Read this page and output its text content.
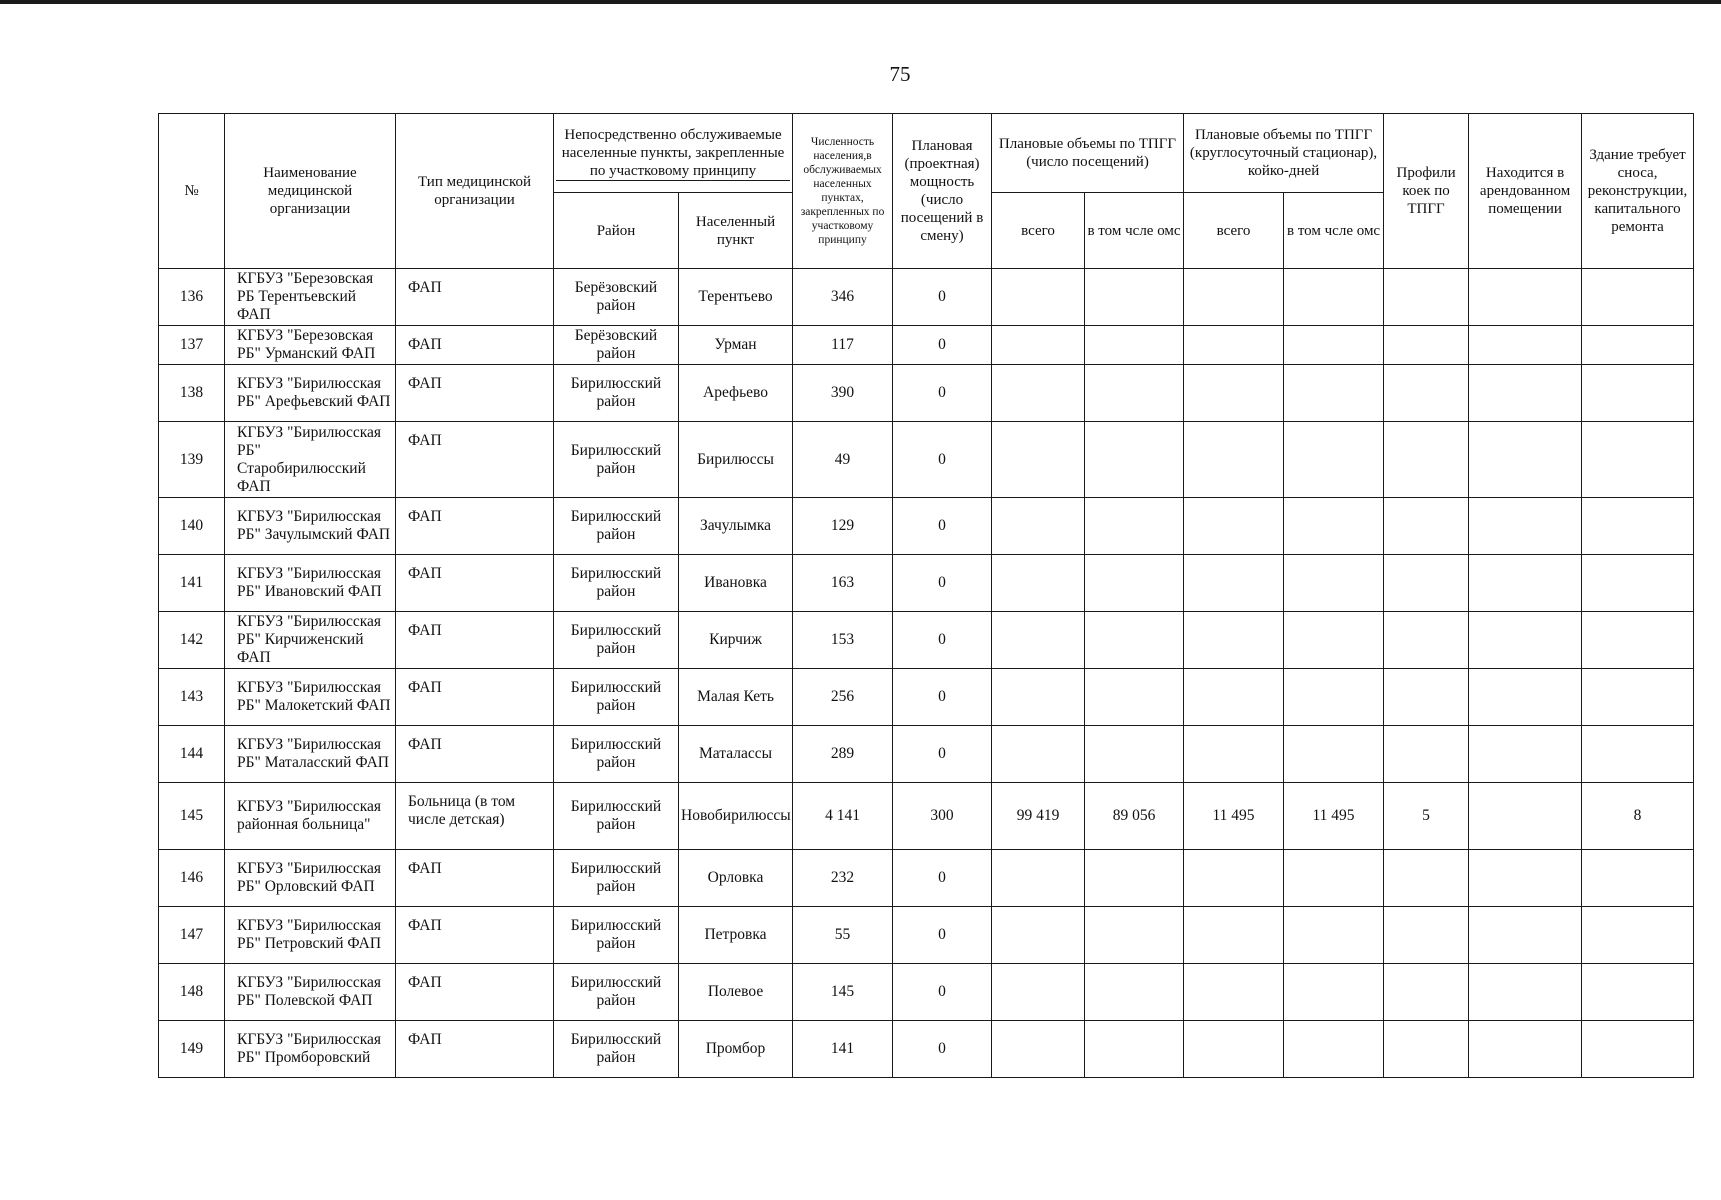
75
№	Наименование медицинской организации	Тип медицинской организации	Непосредственно обслуживаемые населенные пункты, закрепленные по участковому принципу		Численность населения,в обслуживаемых населенных пунктах, закрепленных по участковому принципу	Плановая (проектная) мощность (число посещений в смену)	Плановые объемы по ТПГГ (число посещений)		Плановые объемы по ТПГГ (круглосуточный стационар), койко-дней		Профили коек по ТПГГ	Находится в арендованном помещении	Здание требует сноса, реконструкции, капитального ремонта
			Район	Населенный пункт			всего	в том чсле омс	всего	в том чсле омс			
136	КГБУЗ "Березовская РБ Терентьевский ФАП	ФАП	Берёзовский район	Терентьево	346	0							
137	КГБУЗ "Березовская РБ" Урманский ФАП	ФАП	Берёзовский район	Урман	117	0							
138	КГБУЗ "Бирилюсская РБ" Арефьевский ФАП	ФАП	Бирилюсский район	Арефьево	390	0							
139	КГБУЗ "Бирилюсская РБ" Старобирилюсский ФАП	ФАП	Бирилюсский район	Бирилюссы	49	0							
140	КГБУЗ "Бирилюсская РБ" Зачулымский ФАП	ФАП	Бирилюсский район	Зачулымка	129	0							
141	КГБУЗ "Бирилюсская РБ" Ивановский ФАП	ФАП	Бирилюсский район	Ивановка	163	0							
142	КГБУЗ "Бирилюсская РБ" Кирчиженский ФАП	ФАП	Бирилюсский район	Кирчиж	153	0							
143	КГБУЗ "Бирилюсская РБ" Малокетский ФАП	ФАП	Бирилюсский район	Малая Кеть	256	0							
144	КГБУЗ "Бирилюсская РБ" Маталасский ФАП	ФАП	Бирилюсский район	Маталассы	289	0							
145	КГБУЗ "Бирилюсская районная больница"	Больница (в том числе детская)	Бирилюсский район	Новобирилюссы	4 141	300	99 419	89 056	11 495	11 495	5		8
146	КГБУЗ "Бирилюсская РБ" Орловский ФАП	ФАП	Бирилюсский район	Орловка	232	0							
147	КГБУЗ "Бирилюсская РБ" Петровский ФАП	ФАП	Бирилюсский район	Петровка	55	0							
148	КГБУЗ "Бирилюсская РБ" Полевской ФАП	ФАП	Бирилюсский район	Полевое	145	0							
149	КГБУЗ "Бирилюсская РБ" Промборовский	ФАП	Бирилюсский район	Промбор	141	0							
